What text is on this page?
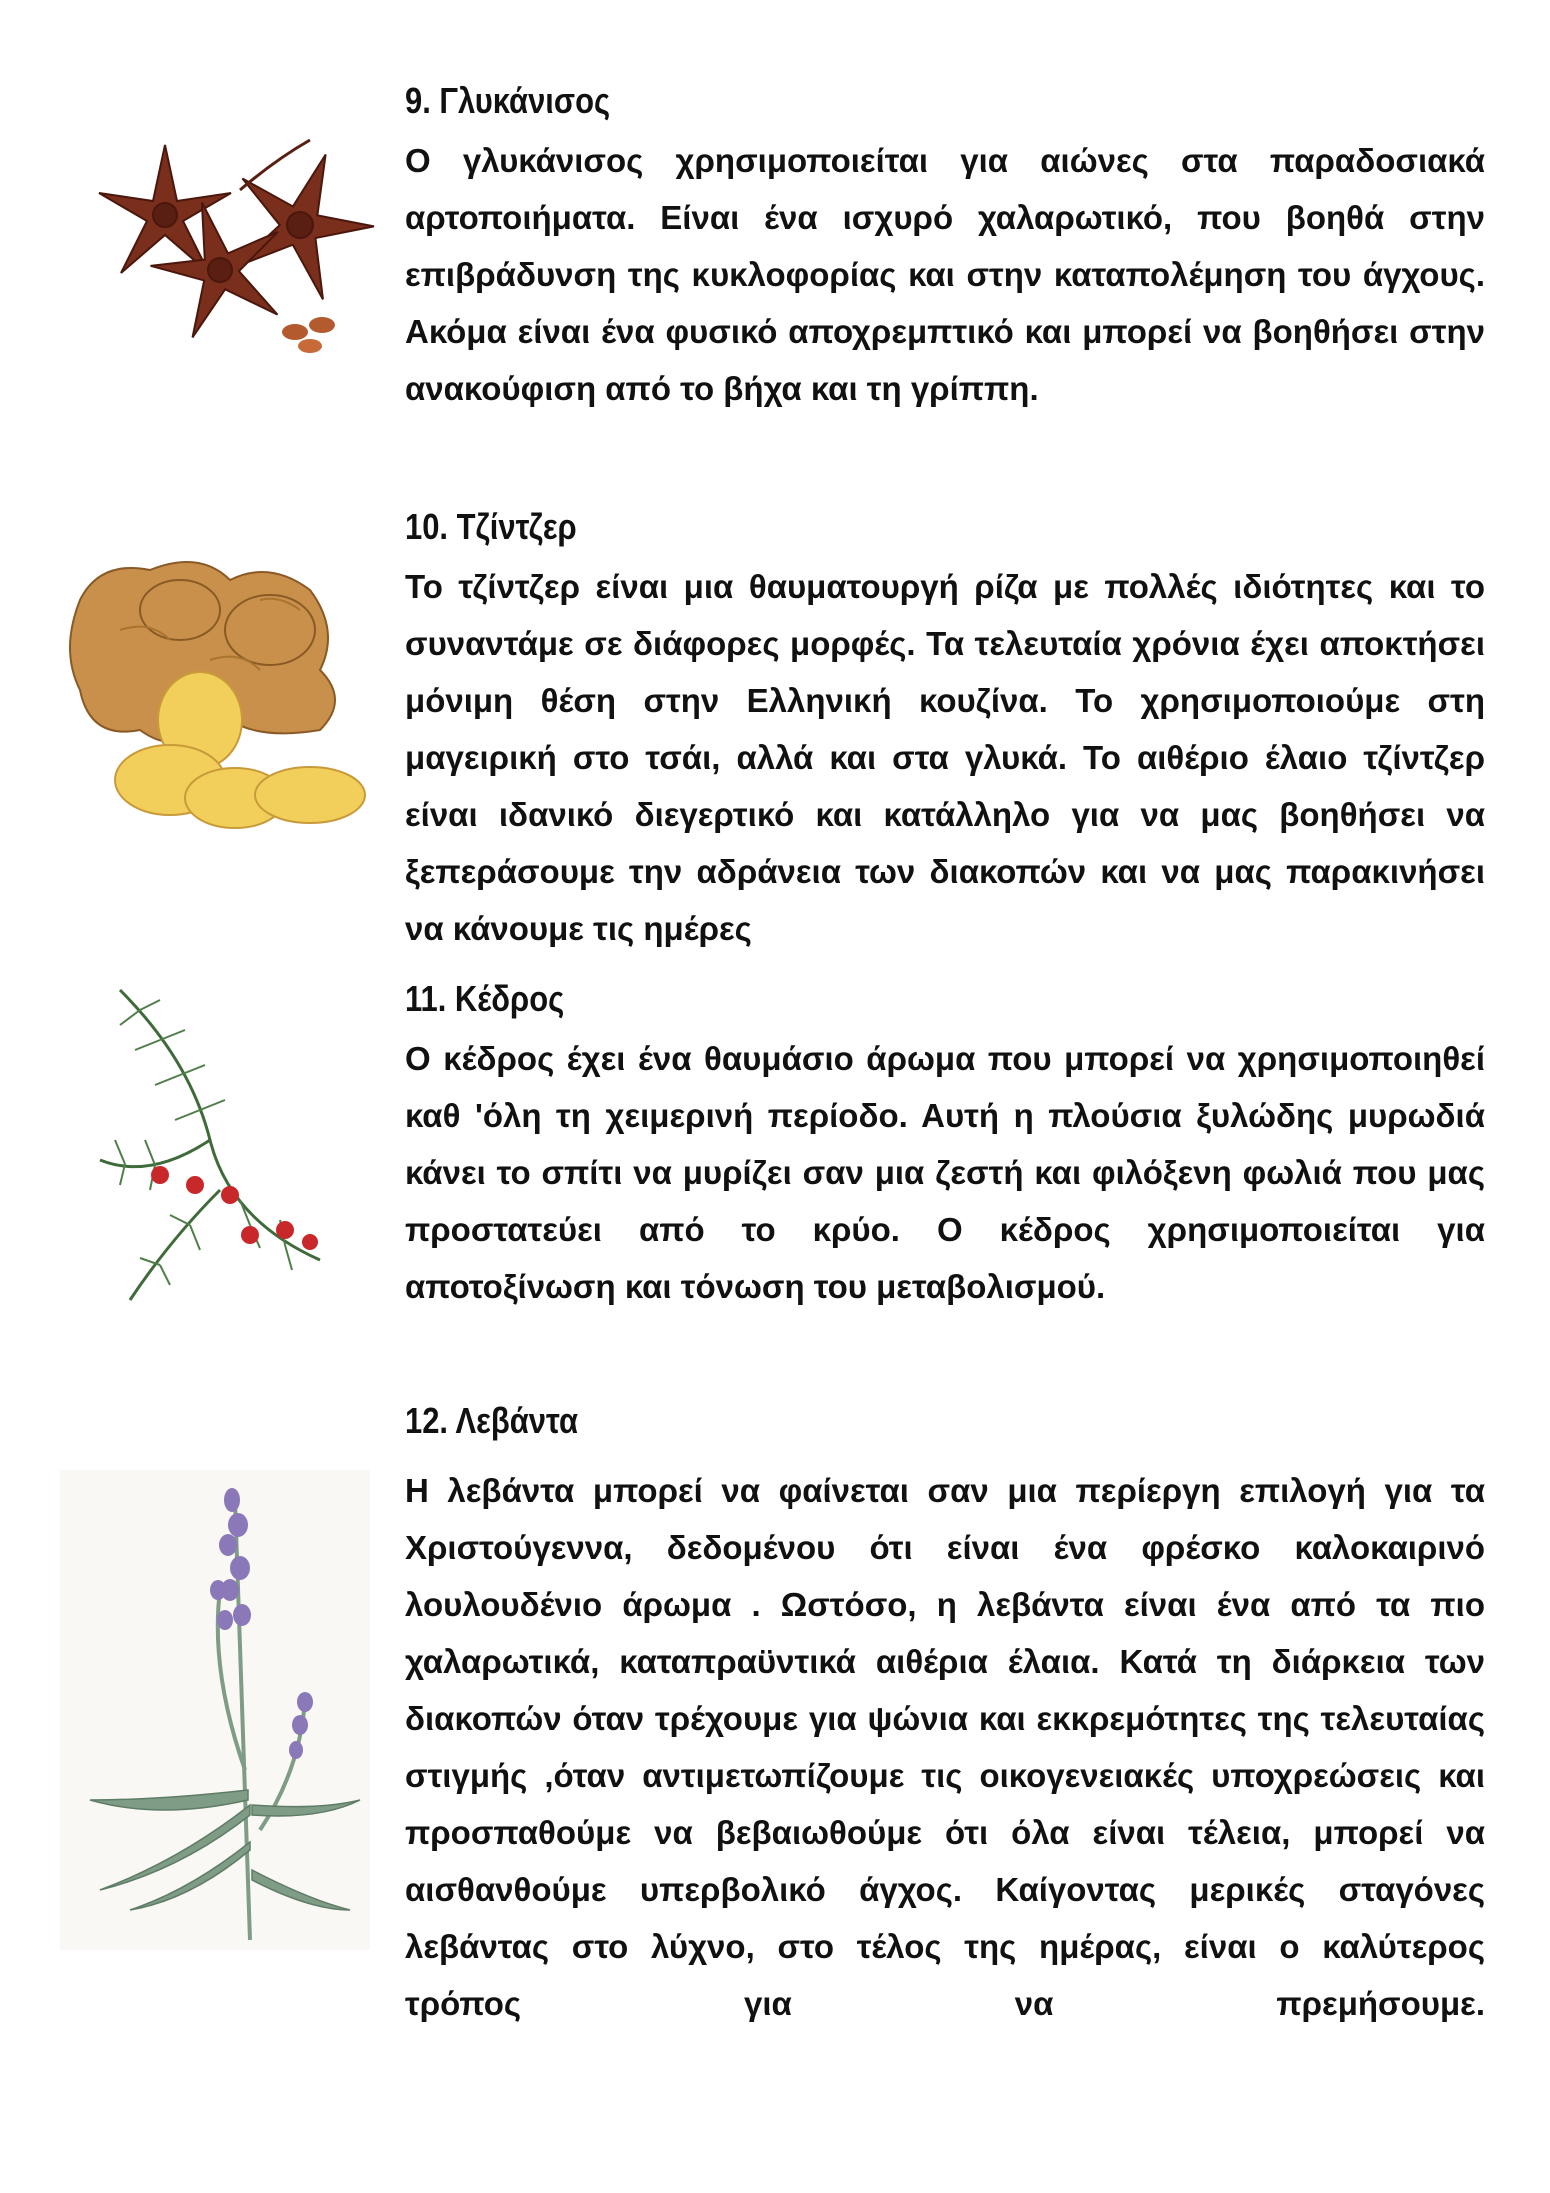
9. Γλυκάνισος
Ο γλυκάνισος χρησιμοποιείται για αιώνες στα παραδοσιακά αρτοποιήματα. Είναι ένα ισχυρό χαλαρωτικό, που βοηθά στην επιβράδυνση της κυκλοφορίας και στην καταπολέμηση του άγχους. Ακόμα είναι ένα φυσικό αποχρεμπτικό και μπορεί να βοηθήσει στην ανακούφιση από το βήχα και τη γρίππη.
10. Τζίντζερ
Το τζίντζερ είναι μια θαυματουργή ρίζα με πολλές ιδιότητες και το συναντάμε σε διάφορες μορφές. Τα τελευταία χρόνια έχει αποκτήσει μόνιμη θέση στην Ελληνική κουζίνα. Το χρησιμοποιούμε στη μαγειρική στο τσάι, αλλά και στα γλυκά. Το αιθέριο έλαιο τζίντζερ είναι ιδανικό διεγερτικό και κατάλληλο για να μας βοηθήσει να ξεπεράσουμε την αδράνεια των διακοπών και να μας παρακινήσει να κάνουμε τις ημέρες
11. Κέδρος
Ο κέδρος έχει ένα θαυμάσιο άρωμα που μπορεί να χρησιμοποιηθεί καθ 'όλη τη χειμερινή περίοδο. Αυτή η πλούσια ξυλώδης μυρωδιά κάνει το σπίτι να μυρίζει σαν μια ζεστή και φιλόξενη φωλιά που μας προστατεύει από το κρύο. Ο κέδρος χρησιμοποιείται για αποτοξίνωση και τόνωση του μεταβολισμού.
12. Λεβάντα
Η λεβάντα μπορεί να φαίνεται σαν μια περίεργη επιλογή για τα Χριστούγεννα, δεδομένου ότι είναι ένα φρέσκο καλοκαιρινό λουλουδένιο άρωμα . Ωστόσο, η λεβάντα είναι ένα από τα πιο χαλαρωτικά, καταπραϋντικά αιθέρια έλαια. Κατά τη διάρκεια των διακοπών όταν τρέχουμε για ψώνια και εκκρεμότητες της τελευταίας στιγμής ,όταν αντιμετωπίζουμε τις οικογενειακές υποχρεώσεις και προσπαθούμε να βεβαιωθούμε ότι όλα είναι τέλεια, μπορεί να αισθανθούμε υπερβολικό άγχος. Καίγοντας μερικές σταγόνες λεβάντας στο λύχνο, στο τέλος της ημέρας, είναι ο καλύτερος τρόπος για να πρεμήσουμε.
